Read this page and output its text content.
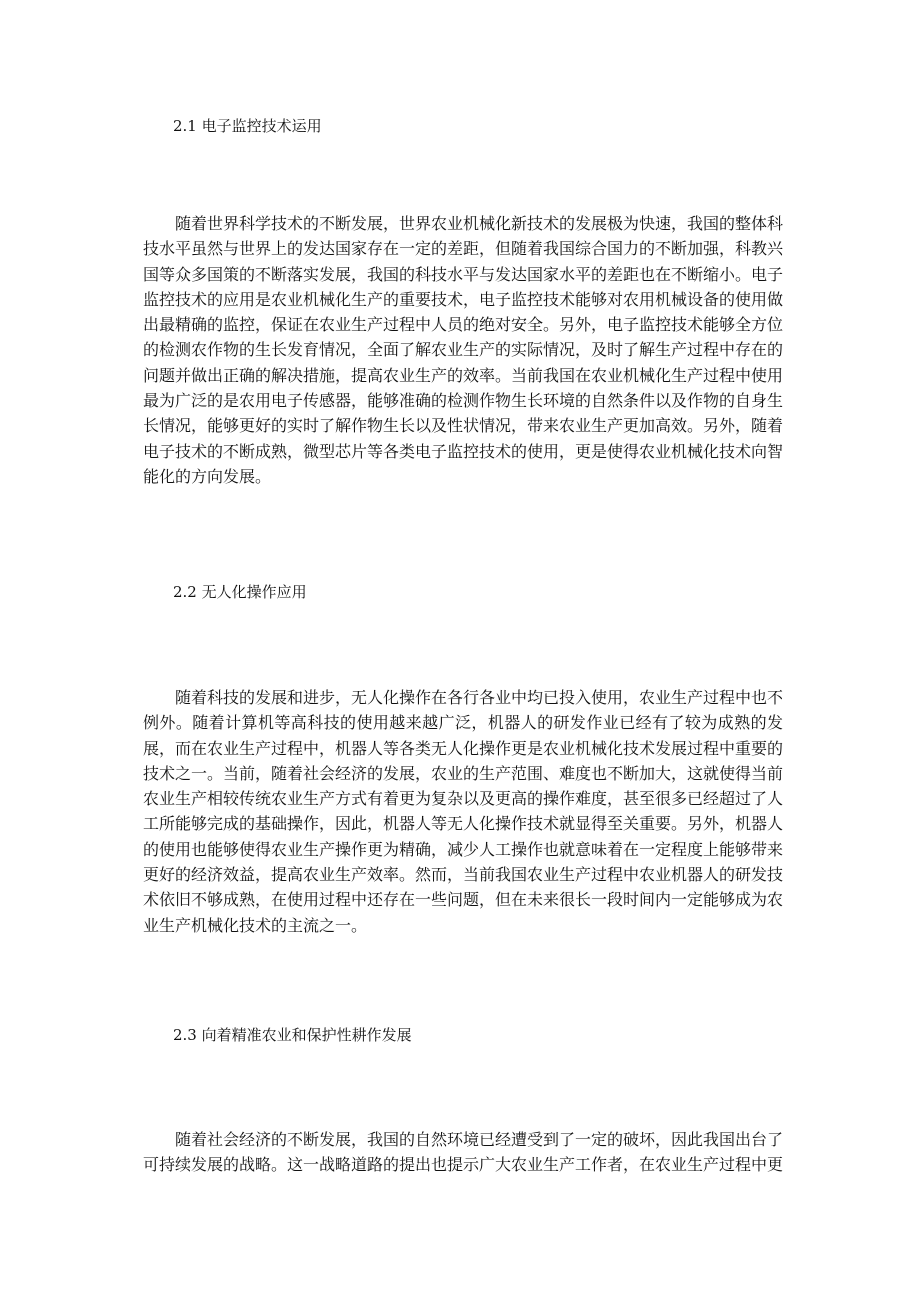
2.1 电子监控技术运用
随着世界科学技术的不断发展，世界农业机械化新技术的发展极为快速，我国的整体科技水平虽然与世界上的发达国家存在一定的差距，但随着我国综合国力的不断加强，科教兴国等众多国策的不断落实发展，我国的科技水平与发达国家水平的差距也在不断缩小。电子监控技术的应用是农业机械化生产的重要技术，电子监控技术能够对农用机械设备的使用做出最精确的监控，保证在农业生产过程中人员的绝对安全。另外，电子监控技术能够全方位的检测农作物的生长发育情况，全面了解农业生产的实际情况，及时了解生产过程中存在的问题并做出正确的解决措施，提高农业生产的效率。当前我国在农业机械化生产过程中使用最为广泛的是农用电子传感器，能够准确的检测作物生长环境的自然条件以及作物的自身生长情况，能够更好的实时了解作物生长以及性状情况，带来农业生产更加高效。另外，随着电子技术的不断成熟，微型芯片等各类电子监控技术的使用，更是使得农业机械化技术向智能化的方向发展。
2.2 无人化操作应用
随着科技的发展和进步，无人化操作在各行各业中均已投入使用，农业生产过程中也不例外。随着计算机等高科技的使用越来越广泛，机器人的研发作业已经有了较为成熟的发展，而在农业生产过程中，机器人等各类无人化操作更是农业机械化技术发展过程中重要的技术之一。当前，随着社会经济的发展，农业的生产范围、难度也不断加大，这就使得当前农业生产相较传统农业生产方式有着更为复杂以及更高的操作难度，甚至很多已经超过了人工所能够完成的基础操作，因此，机器人等无人化操作技术就显得至关重要。另外，机器人的使用也能够使得农业生产操作更为精确，减少人工操作也就意味着在一定程度上能够带来更好的经济效益，提高农业生产效率。然而，当前我国农业生产过程中农业机器人的研发技术依旧不够成熟，在使用过程中还存在一些问题，但在未来很长一段时间内一定能够成为农业生产机械化技术的主流之一。
2.3 向着精准农业和保护性耕作发展
随着社会经济的不断发展，我国的自然环境已经遭受到了一定的破坏，因此我国出台了可持续发展的战略。这一战略道路的提出也提示广大农业生产工作者，在农业生产过程中更
